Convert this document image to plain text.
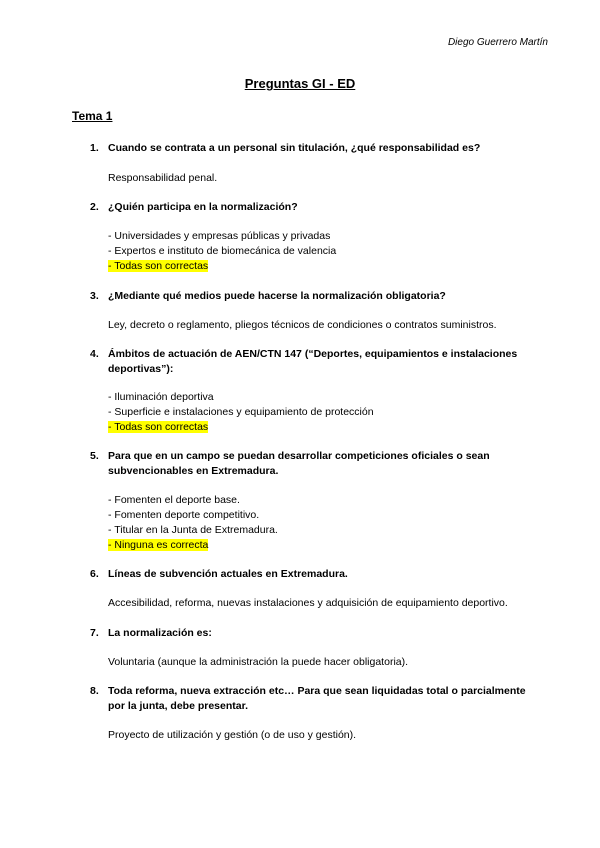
Diego Guerrero Martín
Preguntas GI - ED
Tema 1
1. Cuando se contrata a un personal sin titulación, ¿qué responsabilidad es?
Responsabilidad penal.
2. ¿Quién participa en la normalización?
- Universidades y empresas públicas y privadas
- Expertos e instituto de biomecánica de valencia
- Todas son correctas
3. ¿Mediante qué medios puede hacerse la normalización obligatoria?
Ley, decreto o reglamento, pliegos técnicos de condiciones o contratos suministros.
4. Ámbitos de actuación de AEN/CTN 147 (“Deportes, equipamientos e instalaciones deportivas”):
- Iluminación deportiva
- Superficie e instalaciones y equipamiento de protección
- Todas son correctas
5. Para que en un campo se puedan desarrollar competiciones oficiales o sean subvencionables en Extremadura.
- Fomenten el deporte base.
- Fomenten deporte competitivo.
- Titular en la Junta de Extremadura.
- Ninguna es correcta
6. Líneas de subvención actuales en Extremadura.
Accesibilidad, reforma, nuevas instalaciones y adquisición de equipamiento deportivo.
7. La normalización es:
Voluntaria (aunque la administración la puede hacer obligatoria).
8. Toda reforma, nueva extracción etc… Para que sean liquidadas total o parcialmente por la junta, debe presentar.
Proyecto de utilización y gestión (o de uso y gestión).
